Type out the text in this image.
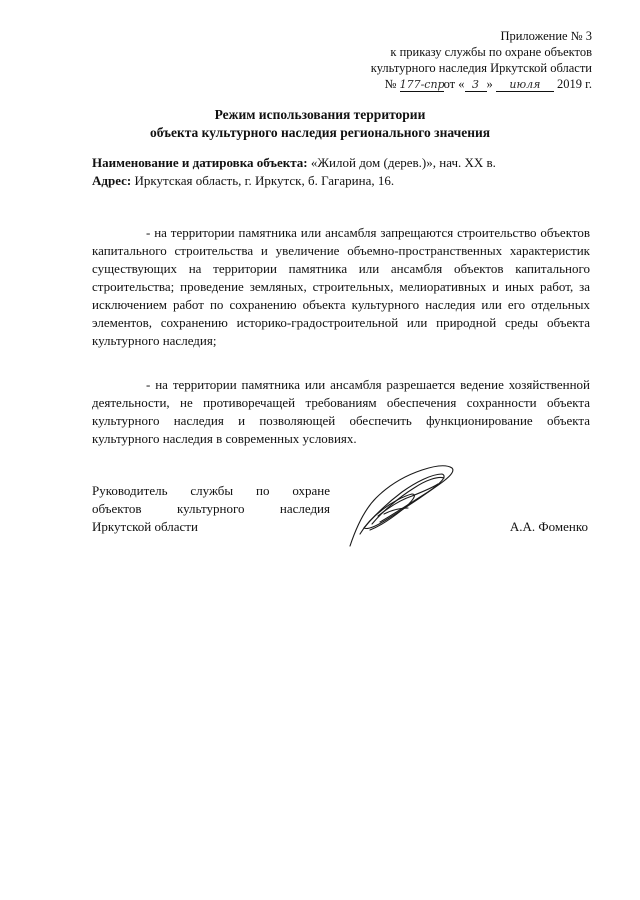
Приложение № 3
к приказу службы по охране объектов
культурного наследия Иркутской области
№ 177-спрот « 3 » июля 2019 г.
Режим использования территории
объекта культурного наследия регионального значения
Наименование и датировка объекта: «Жилой дом (дерев.)», нач. XX в.
Адрес: Иркутская область, г. Иркутск, б. Гагарина, 16.
- на территории памятника или ансамбля запрещаются строительство объектов капитального строительства и увеличение объемно-пространственных характеристик существующих на территории памятника или ансамбля объектов капитального строительства; проведение земляных, строительных, мелиоративных и иных работ, за исключением работ по сохранению объекта культурного наследия или его отдельных элементов, сохранению историко-градостроительной или природной среды объекта культурного наследия;
- на территории памятника или ансамбля разрешается ведение хозяйственной деятельности, не противоречащей требованиям обеспечения сохранности объекта культурного наследия и позволяющей обеспечить функционирование объекта культурного наследия в современных условиях.
Руководитель службы по охране
объектов культурного наследия
Иркутской области	А.А. Фоменко
